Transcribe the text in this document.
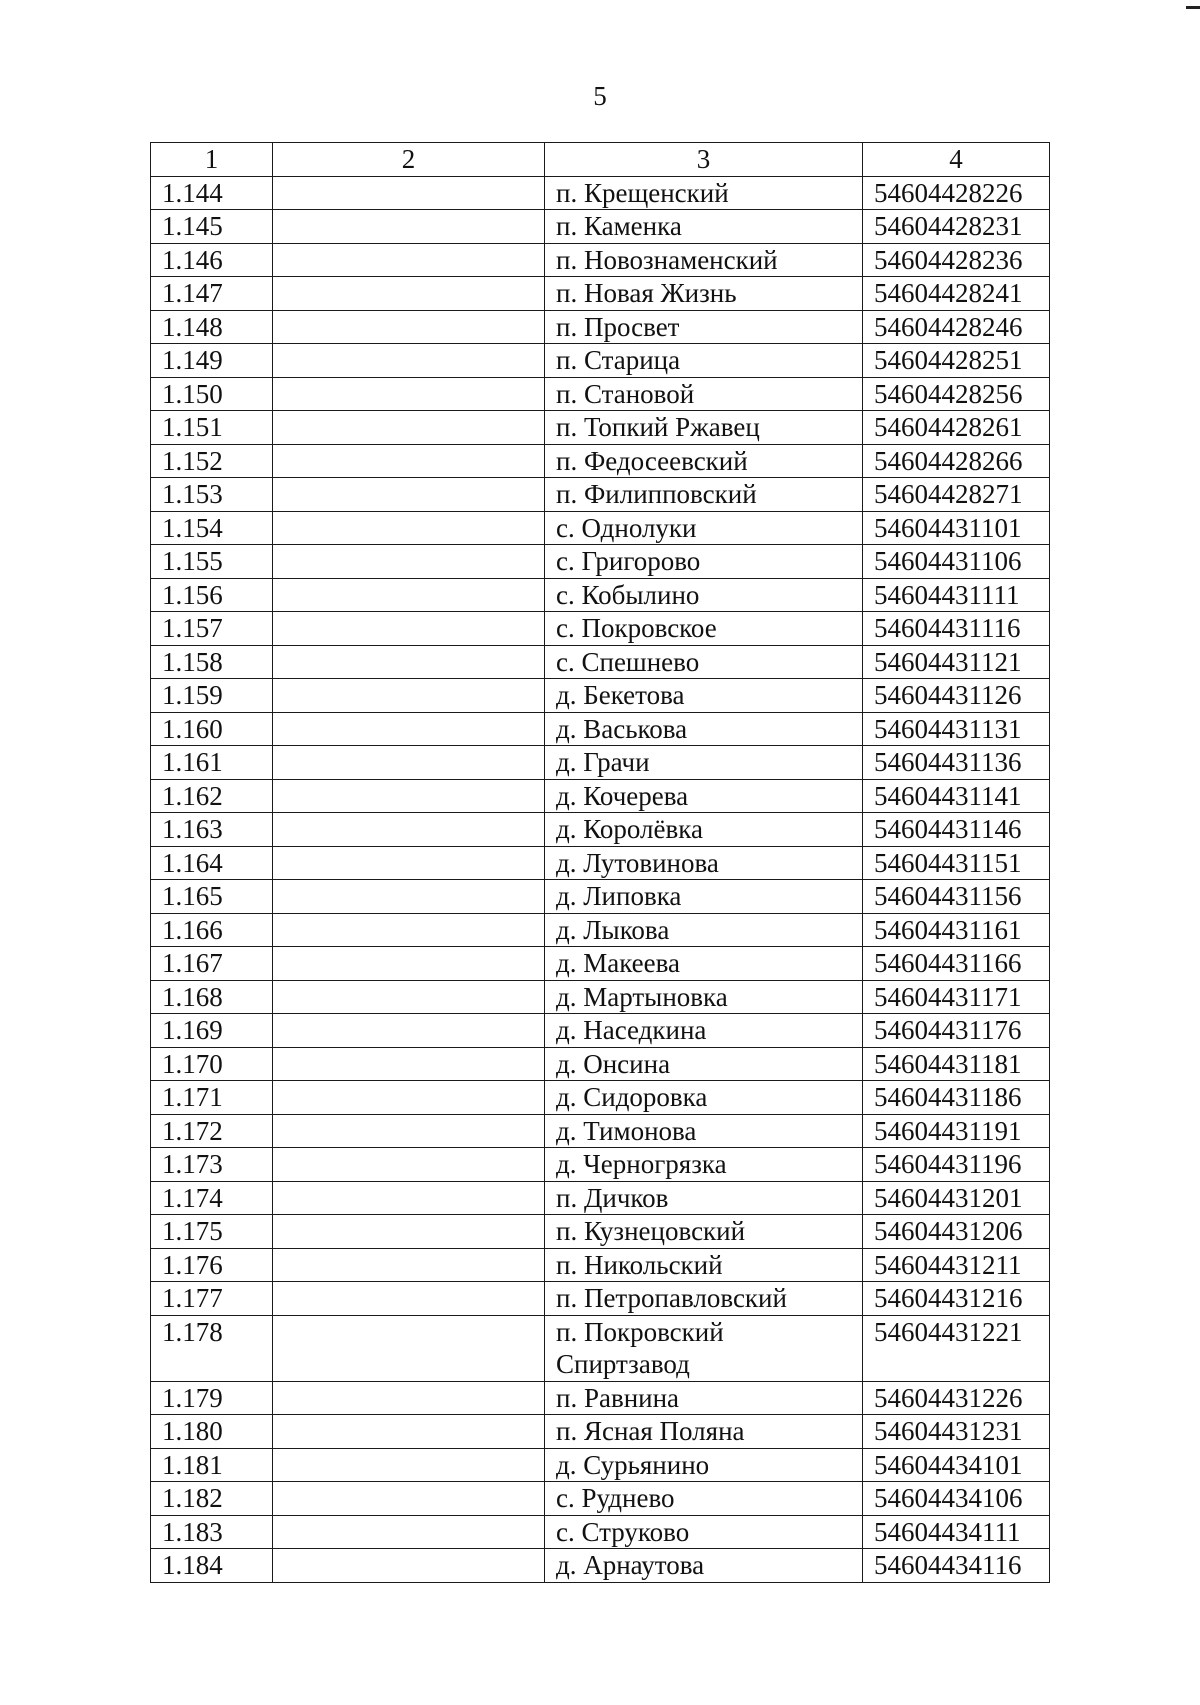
5
1	2	3	4
1.144		п. Крещенский	54604428226
1.145		п. Каменка	54604428231
1.146		п. Новознаменский	54604428236
1.147		п. Новая Жизнь	54604428241
1.148		п. Просвет	54604428246
1.149		п. Старица	54604428251
1.150		п. Становой	54604428256
1.151		п. Топкий Ржавец	54604428261
1.152		п. Федосеевский	54604428266
1.153		п. Филипповский	54604428271
1.154		с. Однолуки	54604431101
1.155		с. Григорово	54604431106
1.156		с. Кобылино	54604431111
1.157		с. Покровское	54604431116
1.158		с. Спешнево	54604431121
1.159		д. Бекетова	54604431126
1.160		д. Васькова	54604431131
1.161		д. Грачи	54604431136
1.162		д. Кочерева	54604431141
1.163		д. Королёвка	54604431146
1.164		д. Лутовинова	54604431151
1.165		д. Липовка	54604431156
1.166		д. Лыкова	54604431161
1.167		д. Макеева	54604431166
1.168		д. Мартыновка	54604431171
1.169		д. Наседкина	54604431176
1.170		д. Онсина	54604431181
1.171		д. Сидоровка	54604431186
1.172		д. Тимонова	54604431191
1.173		д. Черногрязка	54604431196
1.174		п. Дичков	54604431201
1.175		п. Кузнецовский	54604431206
1.176		п. Никольский	54604431211
1.177		п. Петропавловский	54604431216
1.178		п. Покровский Спиртзавод	54604431221
1.179		п. Равнина	54604431226
1.180		п. Ясная Поляна	54604431231
1.181		д. Сурьянино	54604434101
1.182		с. Руднево	54604434106
1.183		с. Струково	54604434111
1.184		д. Арнаутова	54604434116
